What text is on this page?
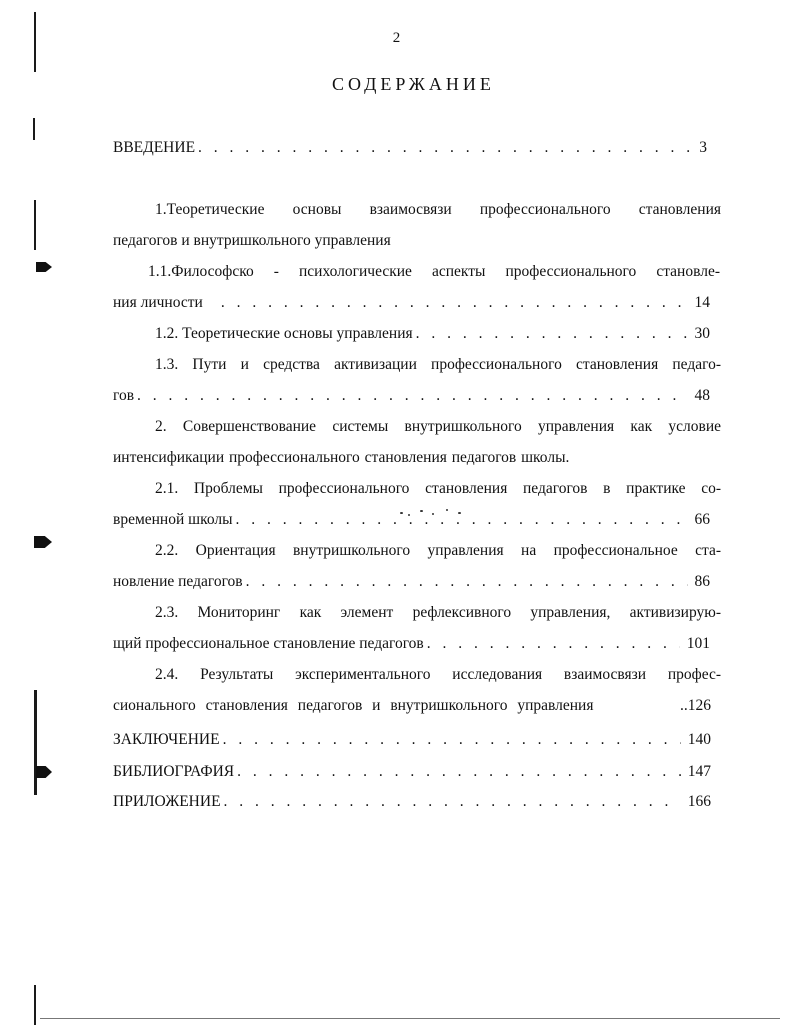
2
СОДЕРЖАНИЕ
ВВЕДЕНИЕ . . .	3
1.Теоретические основы взаимосвязи профессионального становления
педагогов и внутришкольного управления
1.1.Философско - психологические аспекты профессионального становле-
ния личности . . .	14
1.2. Теоретические основы управления . . .	30
1.3. Пути и средства активизации профессионального становления педаго-
гов . . .	48
2. Совершенствование системы внутришкольного управления как условие
интенсификации профессионального становления педагогов школы.
2.1. Проблемы профессионального становления педагогов в практике со-
временной школы . . .	66
2.2. Ориентация внутришкольного управления на профессиональное ста-
новление педагогов . . .	86
2.3. Мониторинг как элемент рефлексивного управления, активизирую-
щий профессиональное становление педагогов . . .	101
2.4. Результаты экспериментального исследования взаимосвязи профес-
сионального становления педагогов и внутришкольного управления	..126
ЗАКЛЮЧЕНИЕ . . .	140
БИБЛИОГРАФИЯ . . .	147
ПРИЛОЖЕНИЕ . . .	166
